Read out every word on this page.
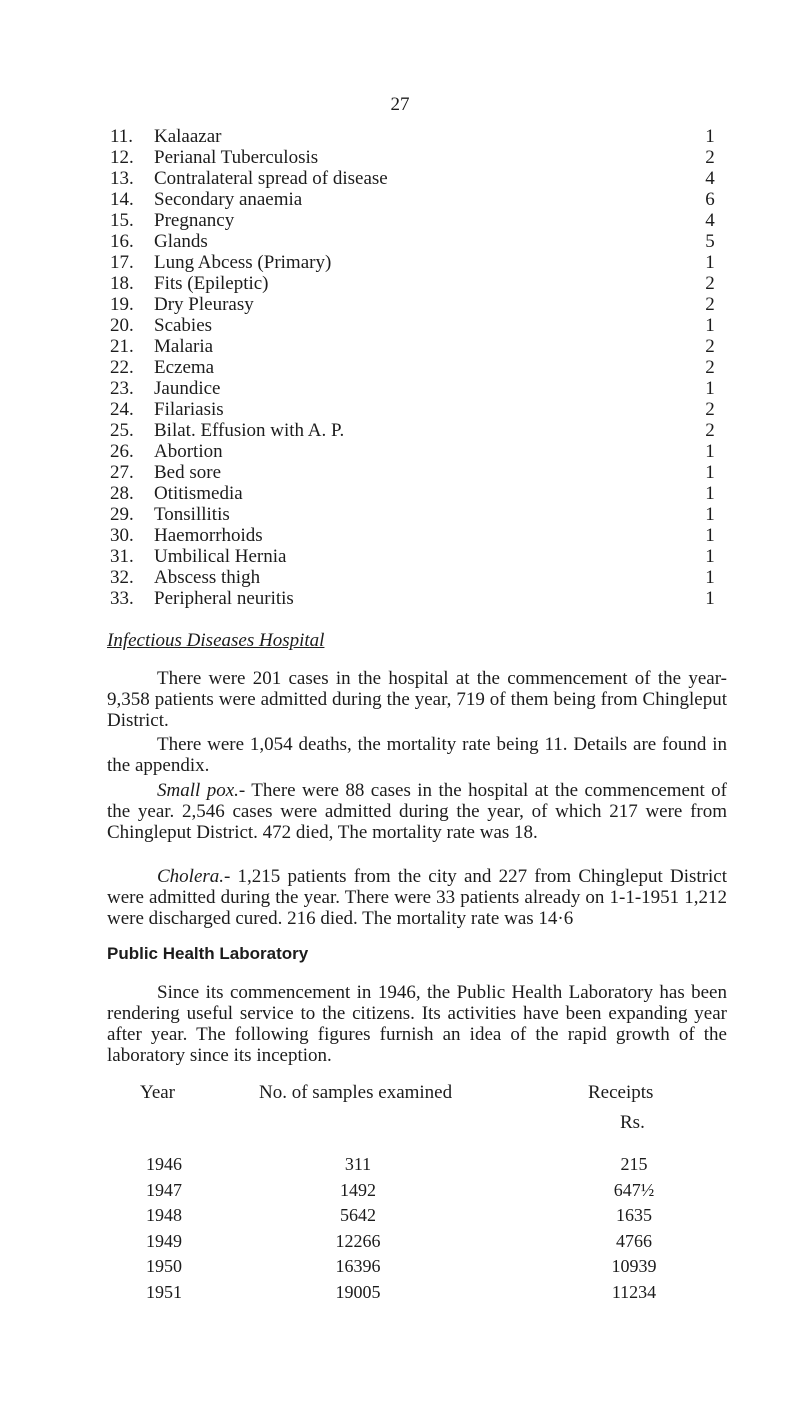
27
11. Kalaazar	1
12. Perianal Tuberculosis	2
13. Contralateral spread of disease	4
14. Secondary anaemia	6
15. Pregnancy	4
16. Glands	5
17. Lung Abcess (Primary)	1
18. Fits (Epileptic)	2
19. Dry Pleurasy	2
20. Scabies	1
21. Malaria	2
22. Eczema	2
23. Jaundice	1
24. Filariasis	2
25. Bilat. Effusion with A. P.	2
26. Abortion	1
27. Bed sore	1
28. Otitismedia	1
29. Tonsillitis	1
30. Haemorrhoids	1
31. Umbilical Hernia	1
32. Abscess thigh	1
33. Peripheral neuritis	1
Infectious Diseases Hospital

There were 201 cases in the hospital at the commencement of the year- 9,358 patients were admitted during the year, 719 of them being from Chingleput District.

There were 1,054 deaths, the mortality rate being 11. Details are found in the appendix.

Small pox.- There were 88 cases in the hospital at the commencement of the year. 2,546 cases were admitted during the year, of which 217 were from Chingleput District. 472 died, The mortality rate was 18.

Cholera.- 1,215 patients from the city and 227 from Chingleput District were admitted during the year. There were 33 patients already on 1-1-1951 1,212 were discharged cured. 216 died. The mortality rate was 14·6

Public Health Laboratory

Since its commencement in 1946, the Public Health Laboratory has been rendering useful service to the citizens. Its activities have been expanding year after year. The following figures furnish an idea of the rapid growth of the laboratory since its inception.

Year	No. of samples examined	Receipts
Rs.
1946	311	215
1947	1492	647½
1948	5642	1635
1949	12266	4766
1950	16396	10939
1951	19005	11234
